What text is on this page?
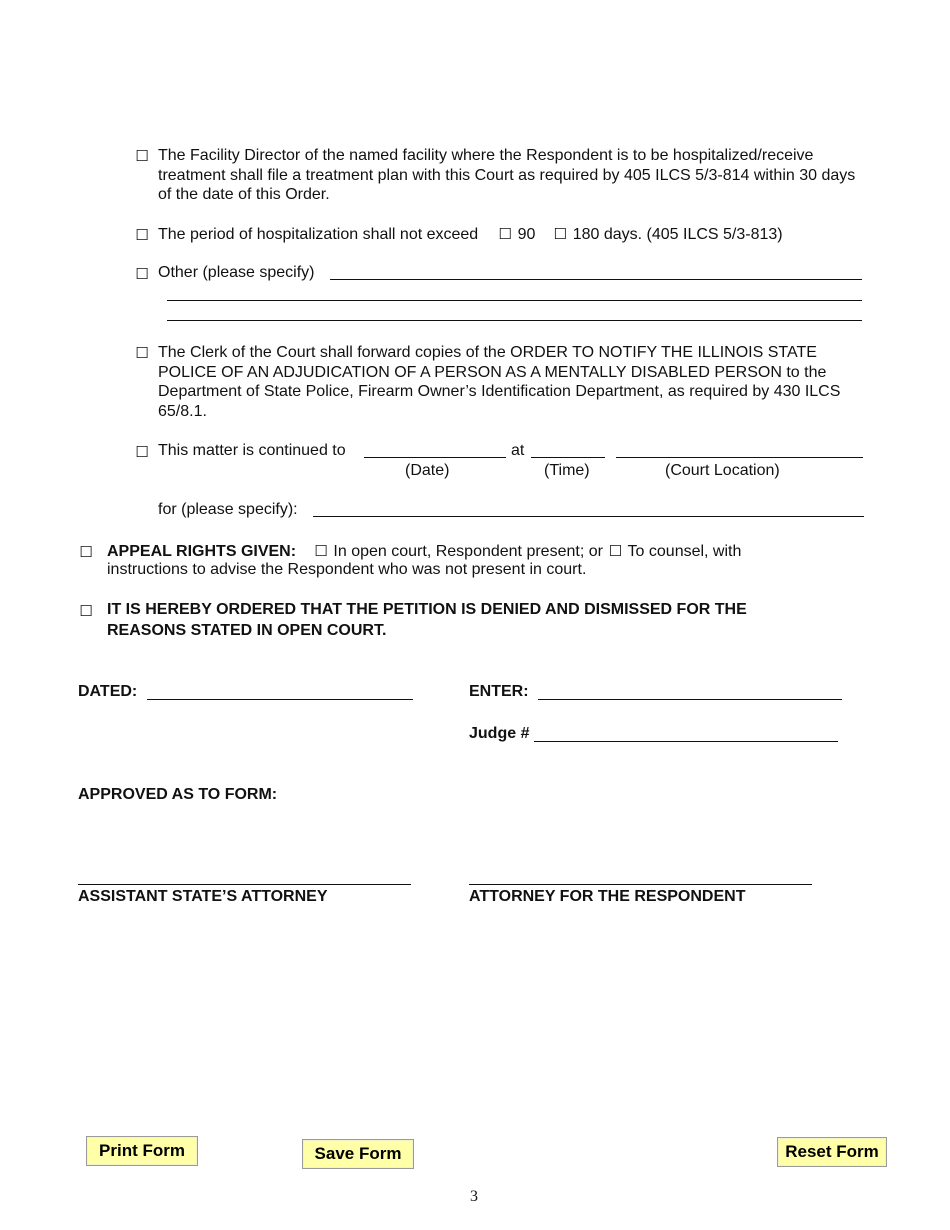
☐ The Facility Director of the named facility where the Respondent is to be hospitalized/receive treatment shall file a treatment plan with this Court as required by 405 ILCS 5/3-814 within 30 days of the date of this Order.
☐ The period of hospitalization shall not exceed ☐ 90 ☐ 180 days. (405 ILCS 5/3-813)
☐ Other (please specify)
☐ The Clerk of the Court shall forward copies of the ORDER TO NOTIFY THE ILLINOIS STATE POLICE OF AN ADJUDICATION OF A PERSON AS A MENTALLY DISABLED PERSON to the Department of State Police, Firearm Owner’s Identification Department, as required by 430 ILCS 65/8.1.
☐ This matter is continued to	at
(Date)	(Time)	(Court Location)
for (please specify):
☐ APPEAL RIGHTS GIVEN: ☐ In open court, Respondent present; or ☐ To counsel, with
instructions to advise the Respondent who was not present in court.
☐ IT IS HEREBY ORDERED THAT THE PETITION IS DENIED AND DISMISSED FOR THE
REASONS STATED IN OPEN COURT.
DATED:	ENTER:
Judge #
APPROVED AS TO FORM:
ASSISTANT STATE’S ATTORNEY	ATTORNEY FOR THE RESPONDENT
Print Form	Save Form	Reset Form
3
